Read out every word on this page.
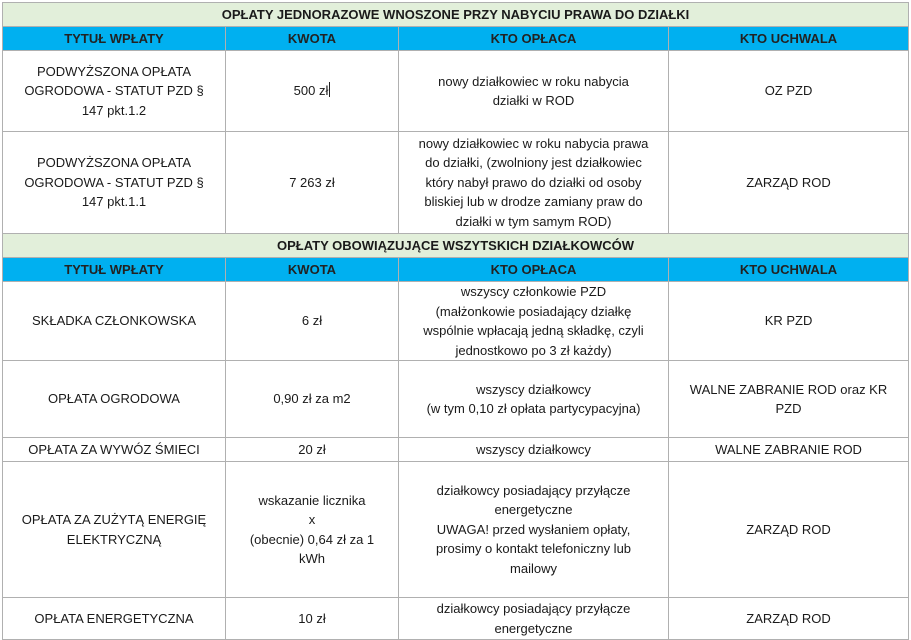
OPŁATY JEDNORAZOWE WNOSZONE PRZY NABYCIU PRAWA DO DZIAŁKI			
TYTUŁ WPŁATY	KWOTA	KTO OPŁACA	KTO UCHWALA
PODWYŻSZONA OPŁATA
OGRODOWA - STATUT PZD §
147 pkt.1.2	500 zł	nowy działkowiec w roku nabycia
działki w ROD	OZ PZD
PODWYŻSZONA OPŁATA
OGRODOWA - STATUT PZD §
147 pkt.1.1	7 263 zł	nowy działkowiec w roku nabycia prawa
do działki, (zwolniony jest działkowiec
który nabył prawo do działki od osoby
bliskiej lub w drodze zamiany praw do
działki w tym samym ROD)	ZARZĄD ROD
OPŁATY OBOWIĄZUJĄCE WSZYTSKICH DZIAŁKOWCÓW			
TYTUŁ WPŁATY	KWOTA	KTO OPŁACA	KTO UCHWALA
SKŁADKA CZŁONKOWSKA	6 zł	wszyscy członkowie PZD
(małżonkowie posiadający działkę
wspólnie wpłacają jedną składkę, czyli
jednostkowo po 3 zł każdy)	KR PZD
OPŁATA OGRODOWA	0,90 zł za m2	wszyscy działkowcy
(w tym 0,10 zł opłata partycypacyjna)	WALNE ZABRANIE ROD oraz KR
PZD
OPŁATA ZA WYWÓZ ŚMIECI	20 zł	wszyscy działkowcy	WALNE ZABRANIE ROD
OPŁATA ZA ZUŻYTĄ ENERGIĘ
ELEKTRYCZNĄ	wskazanie licznika
x
(obecnie) 0,64 zł za 1
kWh	działkowcy posiadający przyłącze
energetyczne
UWAGA! przed wysłaniem opłaty,
prosimy o kontakt telefoniczny lub
mailowy	ZARZĄD ROD
OPŁATA ENERGETYCZNA	10 zł	działkowcy posiadający przyłącze
energetyczne	ZARZĄD ROD
